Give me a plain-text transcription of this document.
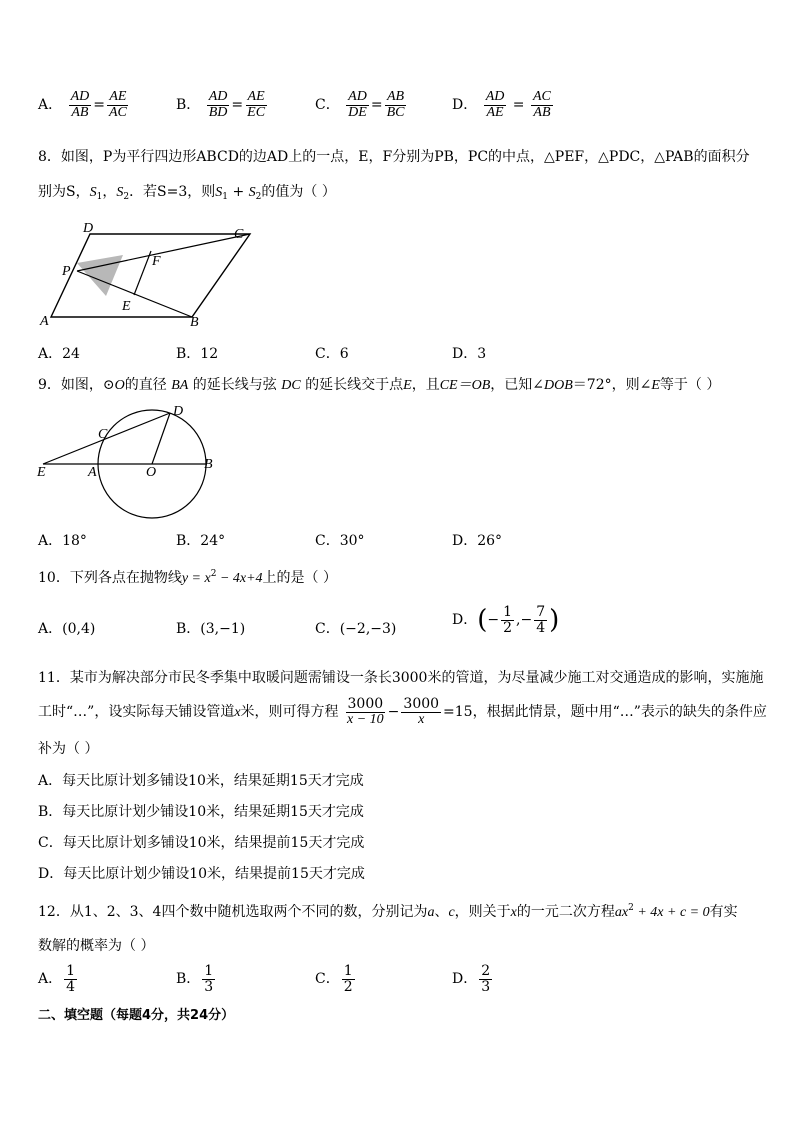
A． $\frac{AD}{AB} = \frac{AE}{AC}$	B． $\frac{AD}{BD} = \frac{AE}{EC}$	C． $\frac{AD}{DE} = \frac{AB}{BC}$	D． $\frac{AD}{AE} = \frac{AC}{AB}$
8．如图，P为平行四边形ABCD的边AD上的一点，E，F分别为PB，PC的中点，△PEF，△PDC，△PAB的面积分
别为S，$S_1$，$S_2$．若S=3，则$S_1 + S_2$的值为（ ）
D	C
P
F
E
A	B
A．24	B．12	C．6	D．3
9．如图，⊙O的直径 BA 的延长线与弦 DC 的延长线交于点E，且CE＝OB，已知∠DOB＝72°，则∠E等于（ ）
D
C
E	A	O
B
A．18°	B．24°	C．30°	D．26°
10．下列各点在抛物线$y = x^2 - 4x+4$上的是（ ）
A．(0,4)	B．(3,−1)	C．(−2,−3)
D．(− $\frac{1}{2}$ ,− $\frac{7}{4}$ )
11．某市为解决部分市民冬季集中取暖问题需铺设一条长3000米的管道，为尽量减少施工对交通造成的影响，实施施
工时“…”，设实际每天铺设管道x米，则可得方程 $\frac{3000}{x - 10} - \frac{3000}{x} =15$，根据此情景，题中用“…”表示的缺失的条件应
补为（ ）
A．每天比原计划多铺设10米，结果延期15天才完成
B．每天比原计划少铺设10米，结果延期15天才完成
C．每天比原计划多铺设10米，结果提前15天才完成
D．每天比原计划少铺设10米，结果提前15天才完成
12．从1、2、3、4四个数中随机选取两个不同的数，分别记为a、c，则关于x的一元二次方程$ax^2 + 4x + c = 0$有实
数解的概率为（ ）
A． $\frac{1}{4}$	B． $\frac{1}{3}$	C． $\frac{1}{2}$	D． $\frac{2}{3}$
二、填空题（每题4分，共24分）
